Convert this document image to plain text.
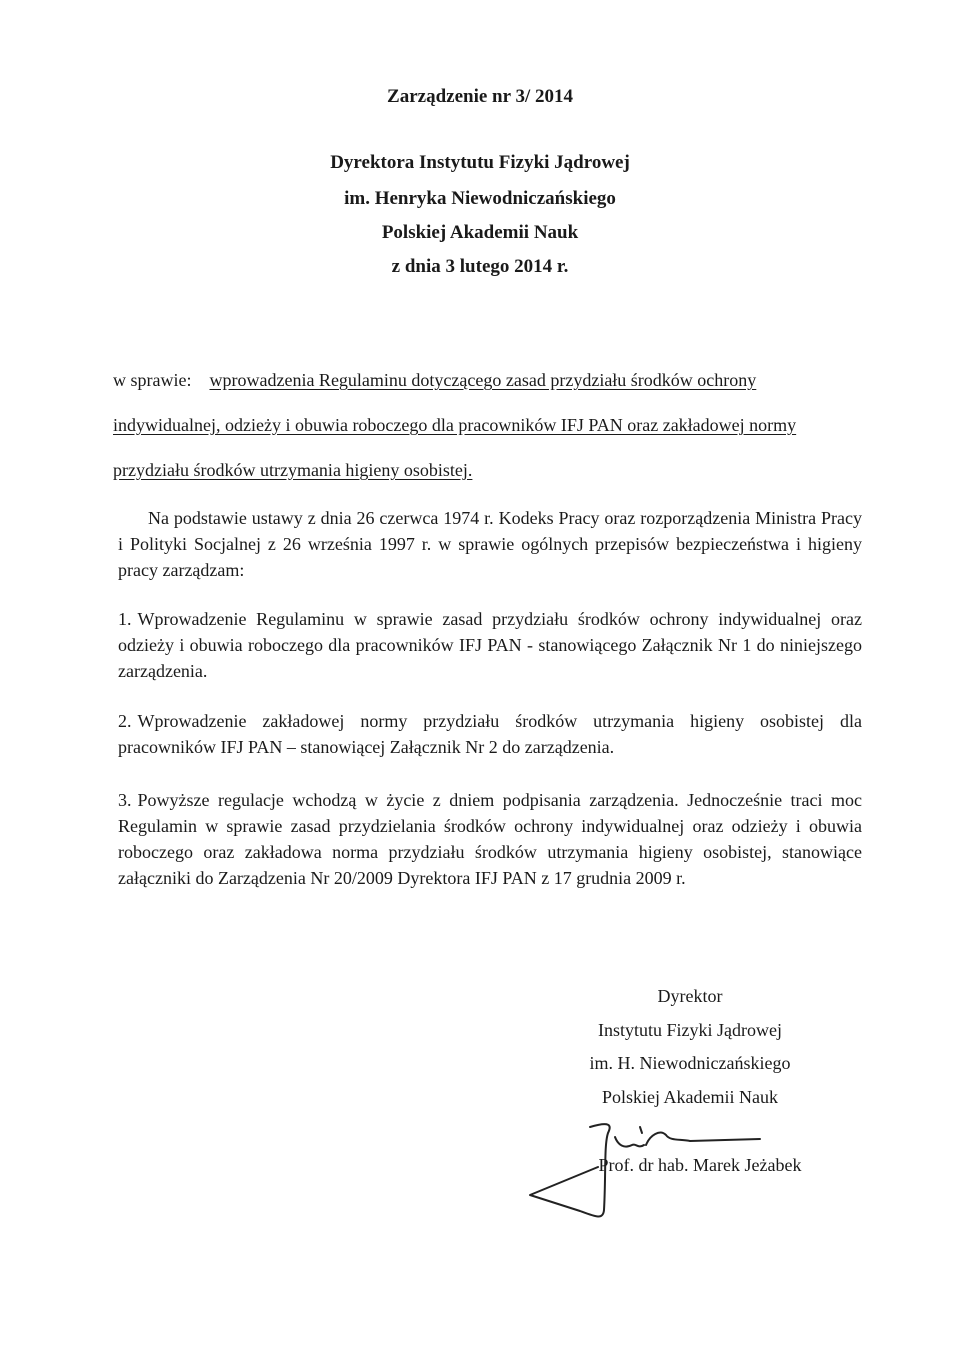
Zarządzenie nr 3/ 2014
Dyrektora Instytutu Fizyki Jądrowej
im. Henryka Niewodniczańskiego
Polskiej Akademii Nauk
z dnia 3 lutego 2014 r.
w sprawie: wprowadzenia Regulaminu dotyczącego zasad przydziału środków ochrony indywidualnej, odzieży i obuwia roboczego dla pracowników IFJ PAN oraz zakładowej normy przydziału środków utrzymania higieny osobistej.
Na podstawie ustawy z dnia 26 czerwca 1974 r. Kodeks Pracy oraz rozporządzenia Ministra Pracy i Polityki Socjalnej z 26 września 1997 r. w sprawie ogólnych przepisów bezpieczeństwa i higieny pracy zarządzam:
1. Wprowadzenie Regulaminu w sprawie zasad przydziału środków ochrony indywidualnej oraz odzieży i obuwia roboczego dla pracowników IFJ PAN - stanowiącego Załącznik Nr 1 do niniejszego zarządzenia.
2. Wprowadzenie zakładowej normy przydziału środków utrzymania higieny osobistej dla pracowników IFJ PAN – stanowiącej Załącznik Nr 2 do zarządzenia.
3. Powyższe regulacje wchodzą w życie z dniem podpisania zarządzenia. Jednocześnie traci moc Regulamin w sprawie zasad przydzielania środków ochrony indywidualnej oraz odzieży i obuwia roboczego oraz zakładowa norma przydziału środków utrzymania higieny osobistej, stanowiące załączniki do Zarządzenia Nr 20/2009 Dyrektora IFJ PAN z 17 grudnia 2009 r.
Dyrektor
Instytutu Fizyki Jądrowej
im. H. Niewodniczańskiego
Polskiej Akademii Nauk
Prof. dr hab. Marek Jeżabek
